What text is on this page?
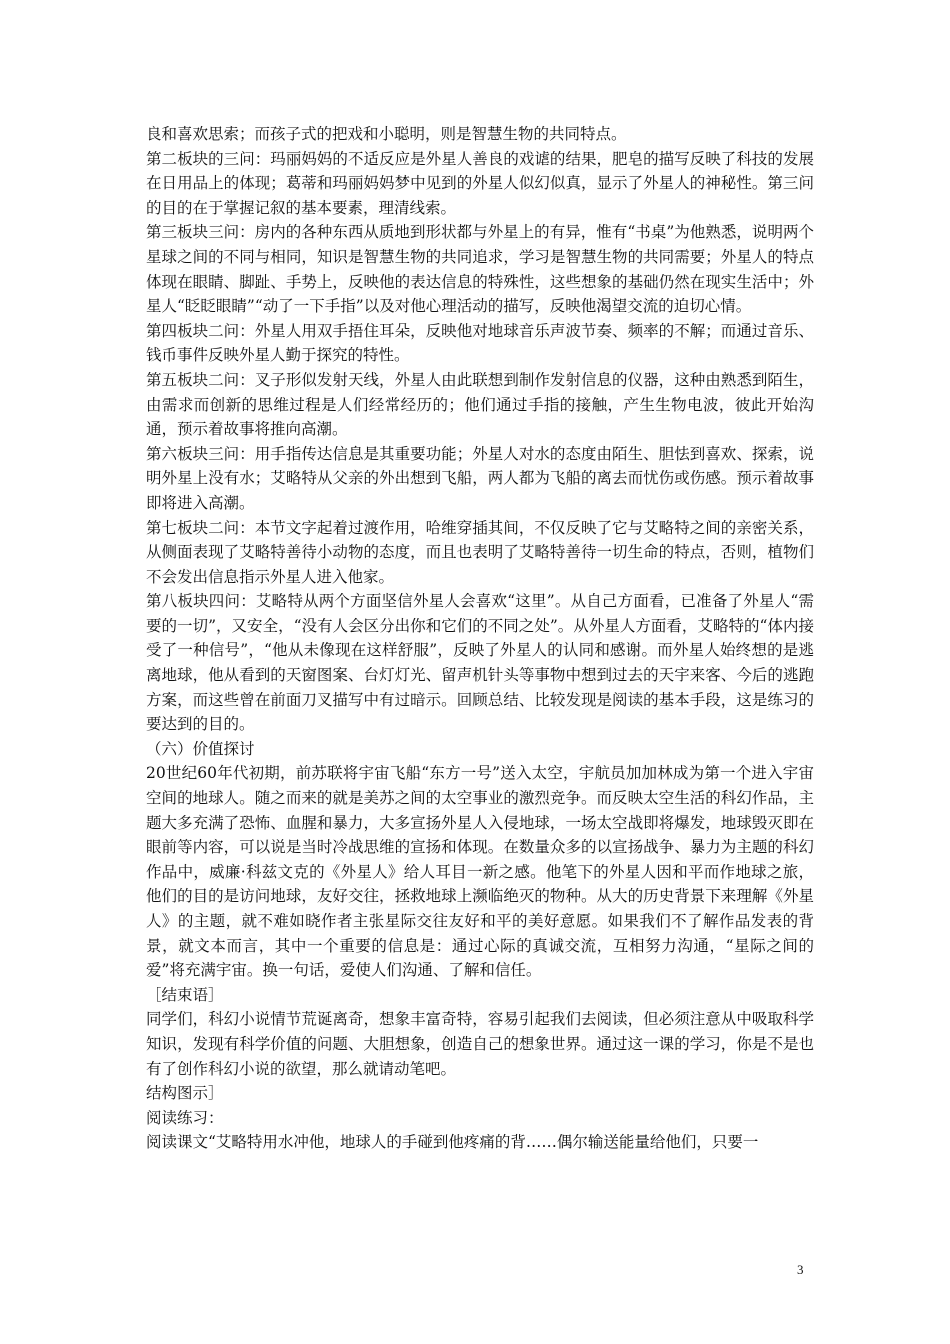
良和喜欢思索；而孩子式的把戏和小聪明，则是智慧生物的共同特点。

第二板块的三问：玛丽妈妈的不适反应是外星人善良的戏谑的结果，肥皂的描写反映了科技的发展在日用品上的体现；葛蒂和玛丽妈妈梦中见到的外星人似幻似真，显示了外星人的神秘性。第三问的目的在于掌握记叙的基本要素，理清线索。

第三板块三问：房内的各种东西从质地到形状都与外星上的有异，惟有“书桌”为他熟悉，说明两个星球之间的不同与相同，知识是智慧生物的共同追求，学习是智慧生物的共同需要；外星人的特点体现在眼睛、脚趾、手势上，反映他的表达信息的特殊性，这些想象的基础仍然在现实生活中；外星人“眨眨眼睛”“动了一下手指”以及对他心理活动的描写，反映他渴望交流的迫切心情。

第四板块二问：外星人用双手捂住耳朵，反映他对地球音乐声波节奏、频率的不解；而通过音乐、钱币事件反映外星人勤于探究的特性。

第五板块二问：叉子形似发射天线，外星人由此联想到制作发射信息的仪器，这种由熟悉到陌生，由需求而创新的思维过程是人们经常经历的；他们通过手指的接触，产生生物电波，彼此开始沟通，预示着故事将推向高潮。

第六板块三问：用手指传达信息是其重要功能；外星人对水的态度由陌生、胆怯到喜欢、探索，说明外星上没有水；艾略特从父亲的外出想到飞船，两人都为飞船的离去而忧伤或伤感。预示着故事即将进入高潮。

第七板块二问：本节文字起着过渡作用，哈维穿插其间，不仅反映了它与艾略特之间的亲密关系，从侧面表现了艾略特善待小动物的态度，而且也表明了艾略特善待一切生命的特点，否则，植物们不会发出信息指示外星人进入他家。

第八板块四问：艾略特从两个方面坚信外星人会喜欢“这里”。从自己方面看，已准备了外星人“需要的一切”，又安全，“没有人会区分出你和它们的不同之处”。从外星人方面看，艾略特的“体内接受了一种信号”，“他从未像现在这样舒服”，反映了外星人的认同和感谢。而外星人始终想的是逃离地球，他从看到的天窗图案、台灯灯光、留声机针头等事物中想到过去的天宇来客、今后的逃跑方案，而这些曾在前面刀叉描写中有过暗示。回顾总结、比较发现是阅读的基本手段，这是练习的要达到的目的。

（六）价值探讨

20世纪60年代初期，前苏联将宇宙飞船“东方一号”送入太空，宇航员加加林成为第一个进入宇宙空间的地球人。随之而来的就是美苏之间的太空事业的激烈竞争。而反映太空生活的科幻作品，主题大多充满了恐怖、血腥和暴力，大多宣扬外星人入侵地球，一场太空战即将爆发，地球毁灭即在眼前等内容，可以说是当时冷战思维的宣扬和体现。在数量众多的以宣扬战争、暴力为主题的科幻作品中，威廉·科兹文克的《外星人》给人耳目一新之感。他笔下的外星人因和平而作地球之旅，他们的目的是访问地球，友好交往，拯救地球上濒临绝灭的物种。从大的历史背景下来理解《外星人》的主题，就不难如晓作者主张星际交往友好和平的美好意愿。如果我们不了解作品发表的背景，就文本而言，其中一个重要的信息是：通过心际的真诚交流，互相努力沟通，“星际之间的爱”将充满宇宙。换一句话，爱使人们沟通、了解和信任。

［结束语］

同学们，科幻小说情节荒诞离奇，想象丰富奇特，容易引起我们去阅读，但必须注意从中吸取科学知识，发现有科学价值的问题、大胆想象，创造自己的想象世界。通过这一课的学习，你是不是也有了创作科幻小说的欲望，那么就请动笔吧。

结构图示］

阅读练习：

阅读课文“艾略特用水冲他，地球人的手碰到他疼痛的背……偶尔输送能量给他们，只要一

3
